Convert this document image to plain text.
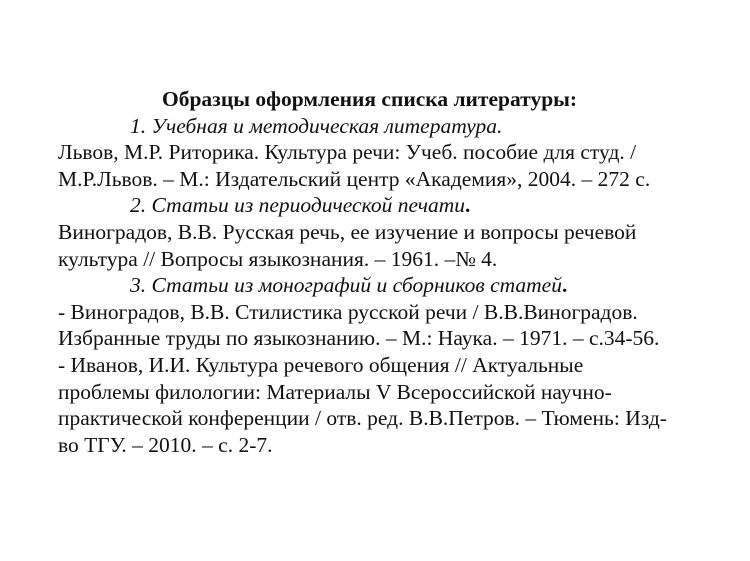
Образцы оформления списка литературы:
1. Учебная и методическая литература.
Львов, М.Р. Риторика. Культура речи: Учеб. пособие для студ. /
М.Р.Львов. – М.: Издательский центр «Академия», 2004. – 272 с.
2. Статьи из периодической печати.
Виноградов, В.В. Русская речь, ее изучение и вопросы речевой
культура // Вопросы языкознания. – 1961. –№ 4.
3. Статьи из монографий и сборников статей.
- Виноградов, В.В. Стилистика русской речи / В.В.Виноградов.
Избранные труды по языкознанию. – М.: Наука. – 1971. – с.34-56.
- Иванов, И.И. Культура речевого общения // Актуальные
проблемы филологии: Материалы V Всероссийской научно-
практической конференции / отв. ред. В.В.Петров. – Тюмень: Изд-
во ТГУ. – 2010. – с. 2-7.
